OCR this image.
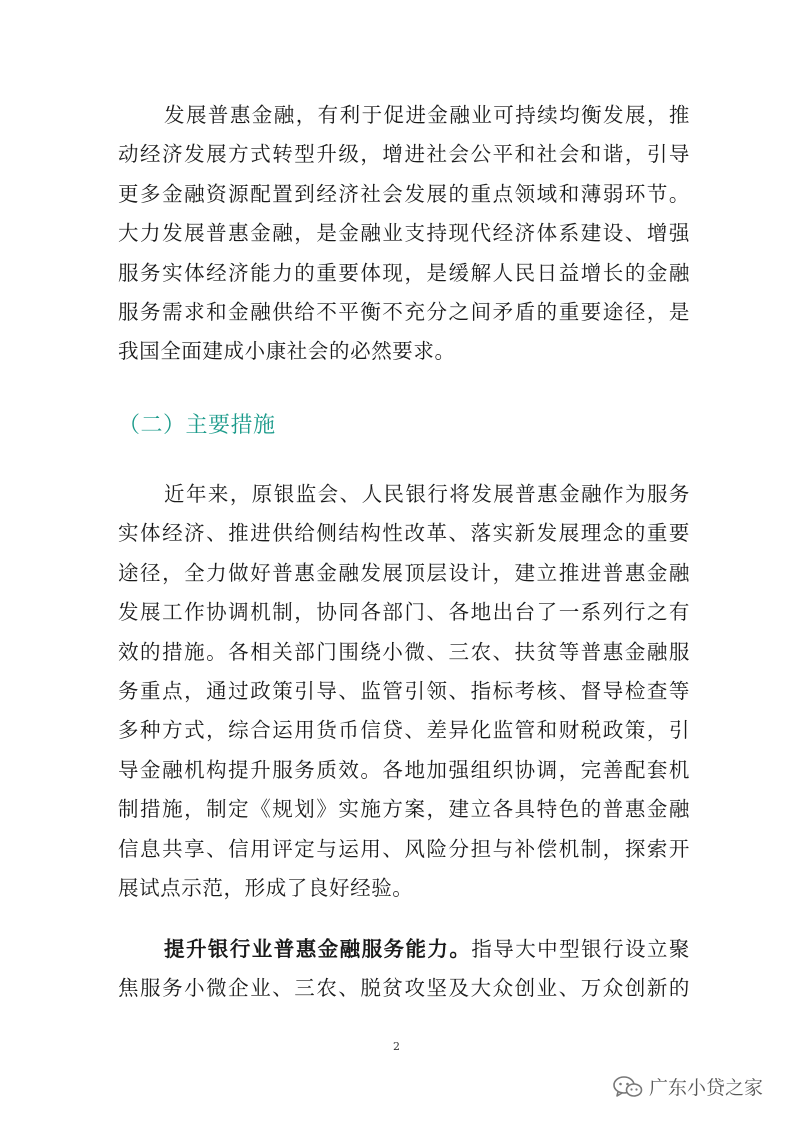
发展普惠金融，有利于促进金融业可持续均衡发展，推
动经济发展方式转型升级，增进社会公平和社会和谐，引导
更多金融资源配置到经济社会发展的重点领域和薄弱环节。
大力发展普惠金融，是金融业支持现代经济体系建设、增强
服务实体经济能力的重要体现，是缓解人民日益增长的金融
服务需求和金融供给不平衡不充分之间矛盾的重要途径，是
我国全面建成小康社会的必然要求。
（二）主要措施
近年来，原银监会、人民银行将发展普惠金融作为服务
实体经济、推进供给侧结构性改革、落实新发展理念的重要
途径，全力做好普惠金融发展顶层设计，建立推进普惠金融
发展工作协调机制，协同各部门、各地出台了一系列行之有
效的措施。各相关部门围绕小微、三农、扶贫等普惠金融服
务重点，通过政策引导、监管引领、指标考核、督导检查等
多种方式，综合运用货币信贷、差异化监管和财税政策，引
导金融机构提升服务质效。各地加强组织协调，完善配套机
制措施，制定《规划》实施方案，建立各具特色的普惠金融
信息共享、信用评定与运用、风险分担与补偿机制，探索开
展试点示范，形成了良好经验。
提升银行业普惠金融服务能力。指导大中型银行设立聚
焦服务小微企业、三农、脱贫攻坚及大众创业、万众创新的
2
广东小贷之家
